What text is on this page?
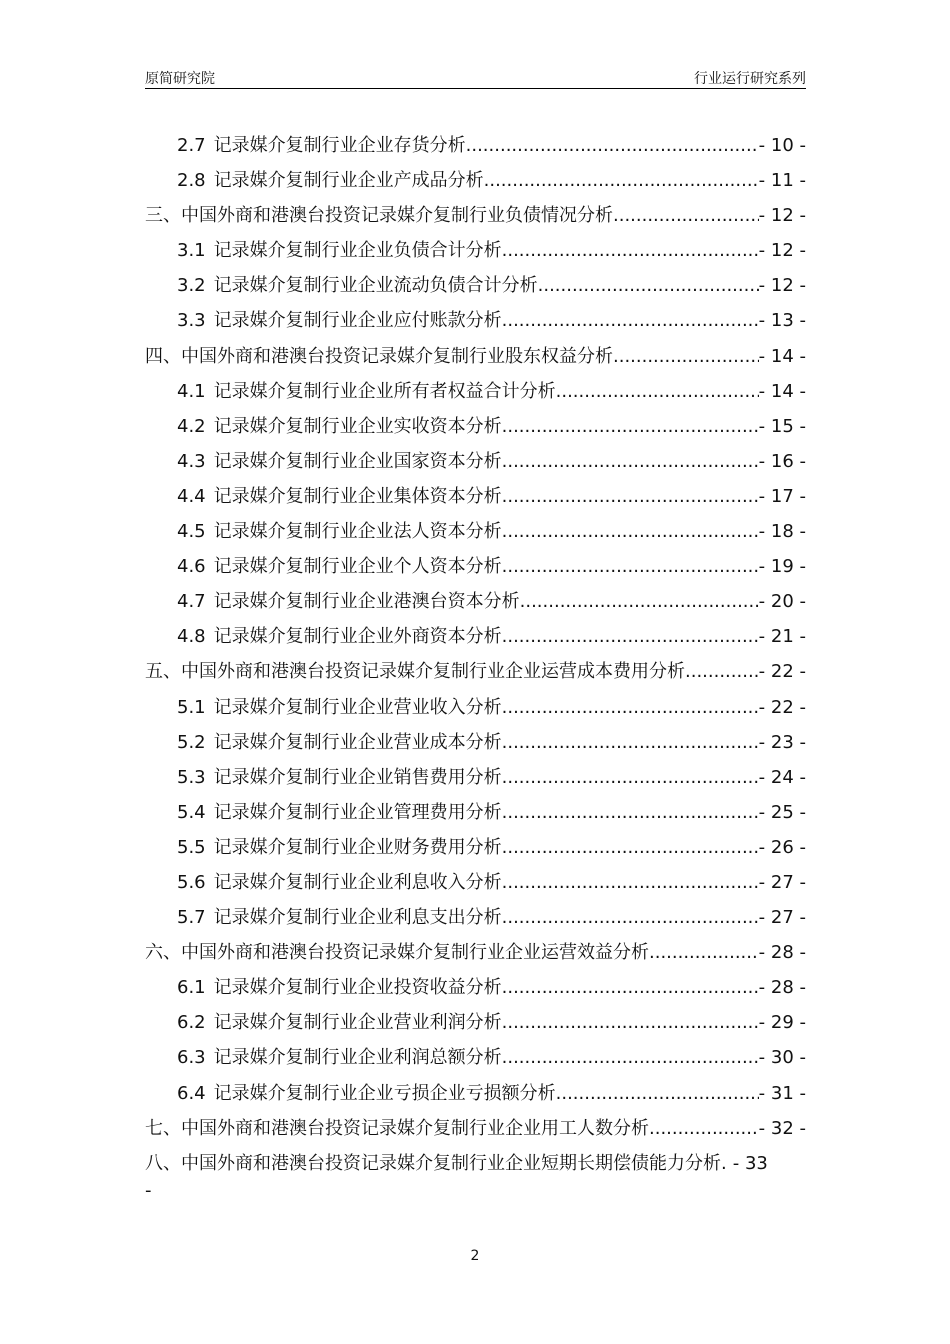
原简研究院	行业运行研究系列
2.7 记录媒介复制行业企业存货分析 .....	- 10 -
2.8 记录媒介复制行业企业产成品分析 .....	- 11 -
三、中国外商和港澳台投资记录媒介复制行业负债情况分析 .....	- 12 -
3.1 记录媒介复制行业企业负债合计分析 .....	- 12 -
3.2 记录媒介复制行业企业流动负债合计分析 .....	- 12 -
3.3 记录媒介复制行业企业应付账款分析 .....	- 13 -
四、中国外商和港澳台投资记录媒介复制行业股东权益分析 .....	- 14 -
4.1 记录媒介复制行业企业所有者权益合计分析 .....	- 14 -
4.2 记录媒介复制行业企业实收资本分析 .....	- 15 -
4.3 记录媒介复制行业企业国家资本分析 .....	- 16 -
4.4 记录媒介复制行业企业集体资本分析 .....	- 17 -
4.5 记录媒介复制行业企业法人资本分析 .....	- 18 -
4.6 记录媒介复制行业企业个人资本分析 .....	- 19 -
4.7 记录媒介复制行业企业港澳台资本分析 .....	- 20 -
4.8 记录媒介复制行业企业外商资本分析 .....	- 21 -
五、中国外商和港澳台投资记录媒介复制行业企业运营成本费用分析 .....	- 22 -
5.1 记录媒介复制行业企业营业收入分析 .....	- 22 -
5.2 记录媒介复制行业企业营业成本分析 .....	- 23 -
5.3 记录媒介复制行业企业销售费用分析 .....	- 24 -
5.4 记录媒介复制行业企业管理费用分析 .....	- 25 -
5.5 记录媒介复制行业企业财务费用分析 .....	- 26 -
5.6 记录媒介复制行业企业利息收入分析 .....	- 27 -
5.7 记录媒介复制行业企业利息支出分析 .....	- 27 -
六、中国外商和港澳台投资记录媒介复制行业企业运营效益分析 .....	- 28 -
6.1 记录媒介复制行业企业投资收益分析 .....	- 28 -
6.2 记录媒介复制行业企业营业利润分析 .....	- 29 -
6.3 记录媒介复制行业企业利润总额分析 .....	- 30 -
6.4 记录媒介复制行业企业亏损企业亏损额分析 .....	- 31 -
七、中国外商和港澳台投资记录媒介复制行业企业用工人数分析 .....	- 32 -
八、中国外商和港澳台投资记录媒介复制行业企业短期长期偿债能力分析 . - 33
-
2
